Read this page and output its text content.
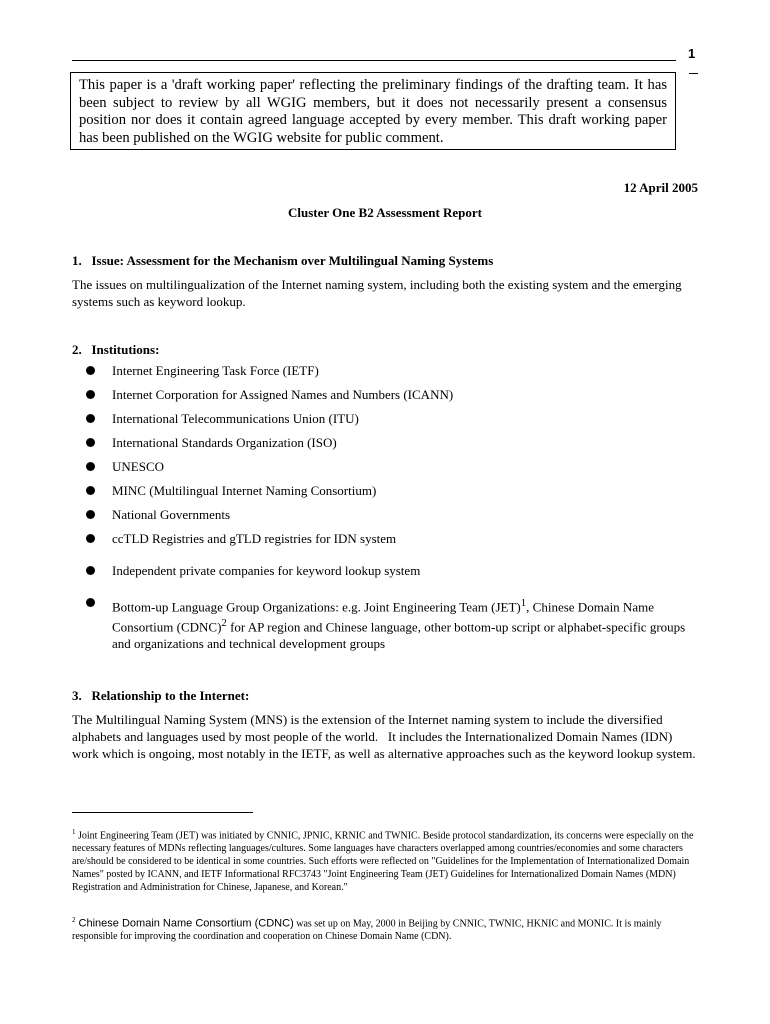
1
This paper is a 'draft working paper' reflecting the preliminary findings of the drafting team. It has been subject to review by all WGIG members, but it does not necessarily present a consensus position nor does it contain agreed language accepted by every member. This draft working paper has been published on the WGIG website for public comment.
12 April 2005
Cluster One B2 Assessment Report
1.   Issue: Assessment for the Mechanism over Multilingual Naming Systems
The issues on multilingualization of the Internet naming system, including both the existing system and the emerging systems such as keyword lookup.
2.   Institutions:
Internet Engineering Task Force (IETF)
Internet Corporation for Assigned Names and Numbers (ICANN)
International Telecommunications Union (ITU)
International Standards Organization (ISO)
UNESCO
MINC (Multilingual Internet Naming Consortium)
National Governments
ccTLD Registries and gTLD registries for IDN system
Independent private companies for keyword lookup system
Bottom-up Language Group Organizations: e.g. Joint Engineering Team (JET)$^1$, Chinese Domain Name Consortium (CDNC)$^2$ for AP region and Chinese language, other bottom-up script or alphabet-specific groups and organizations and technical development groups
3.   Relationship to the Internet:
The Multilingual Naming System (MNS) is the extension of the Internet naming system to include the diversified alphabets and languages used by most people of the world.   It includes the Internationalized Domain Names (IDN) work which is ongoing, most notably in the IETF, as well as alternative approaches such as the keyword lookup system.
$^1$ Joint Engineering Team (JET) was initiated by CNNIC, JPNIC, KRNIC and TWNIC. Beside protocol standardization, its concerns were especially on the necessary features of MDNs reflecting languages/cultures. Some languages have characters overlapped among countries/economies and some characters are/should be considered to be identical in some countries. Such efforts were reflected on "Guidelines for the Implementation of Internationalized Domain Names" posted by ICANN, and IETF Informational RFC3743 "Joint Engineering Team (JET) Guidelines for Internationalized Domain Names (MDN) Registration and Administration for Chinese, Japanese, and Korean."
$^2$ Chinese Domain Name Consortium (CDNC) was set up on May, 2000 in Beijing by CNNIC, TWNIC, HKNIC and MONIC. It is mainly responsible for improving the coordination and cooperation on Chinese Domain Name (CDN).
